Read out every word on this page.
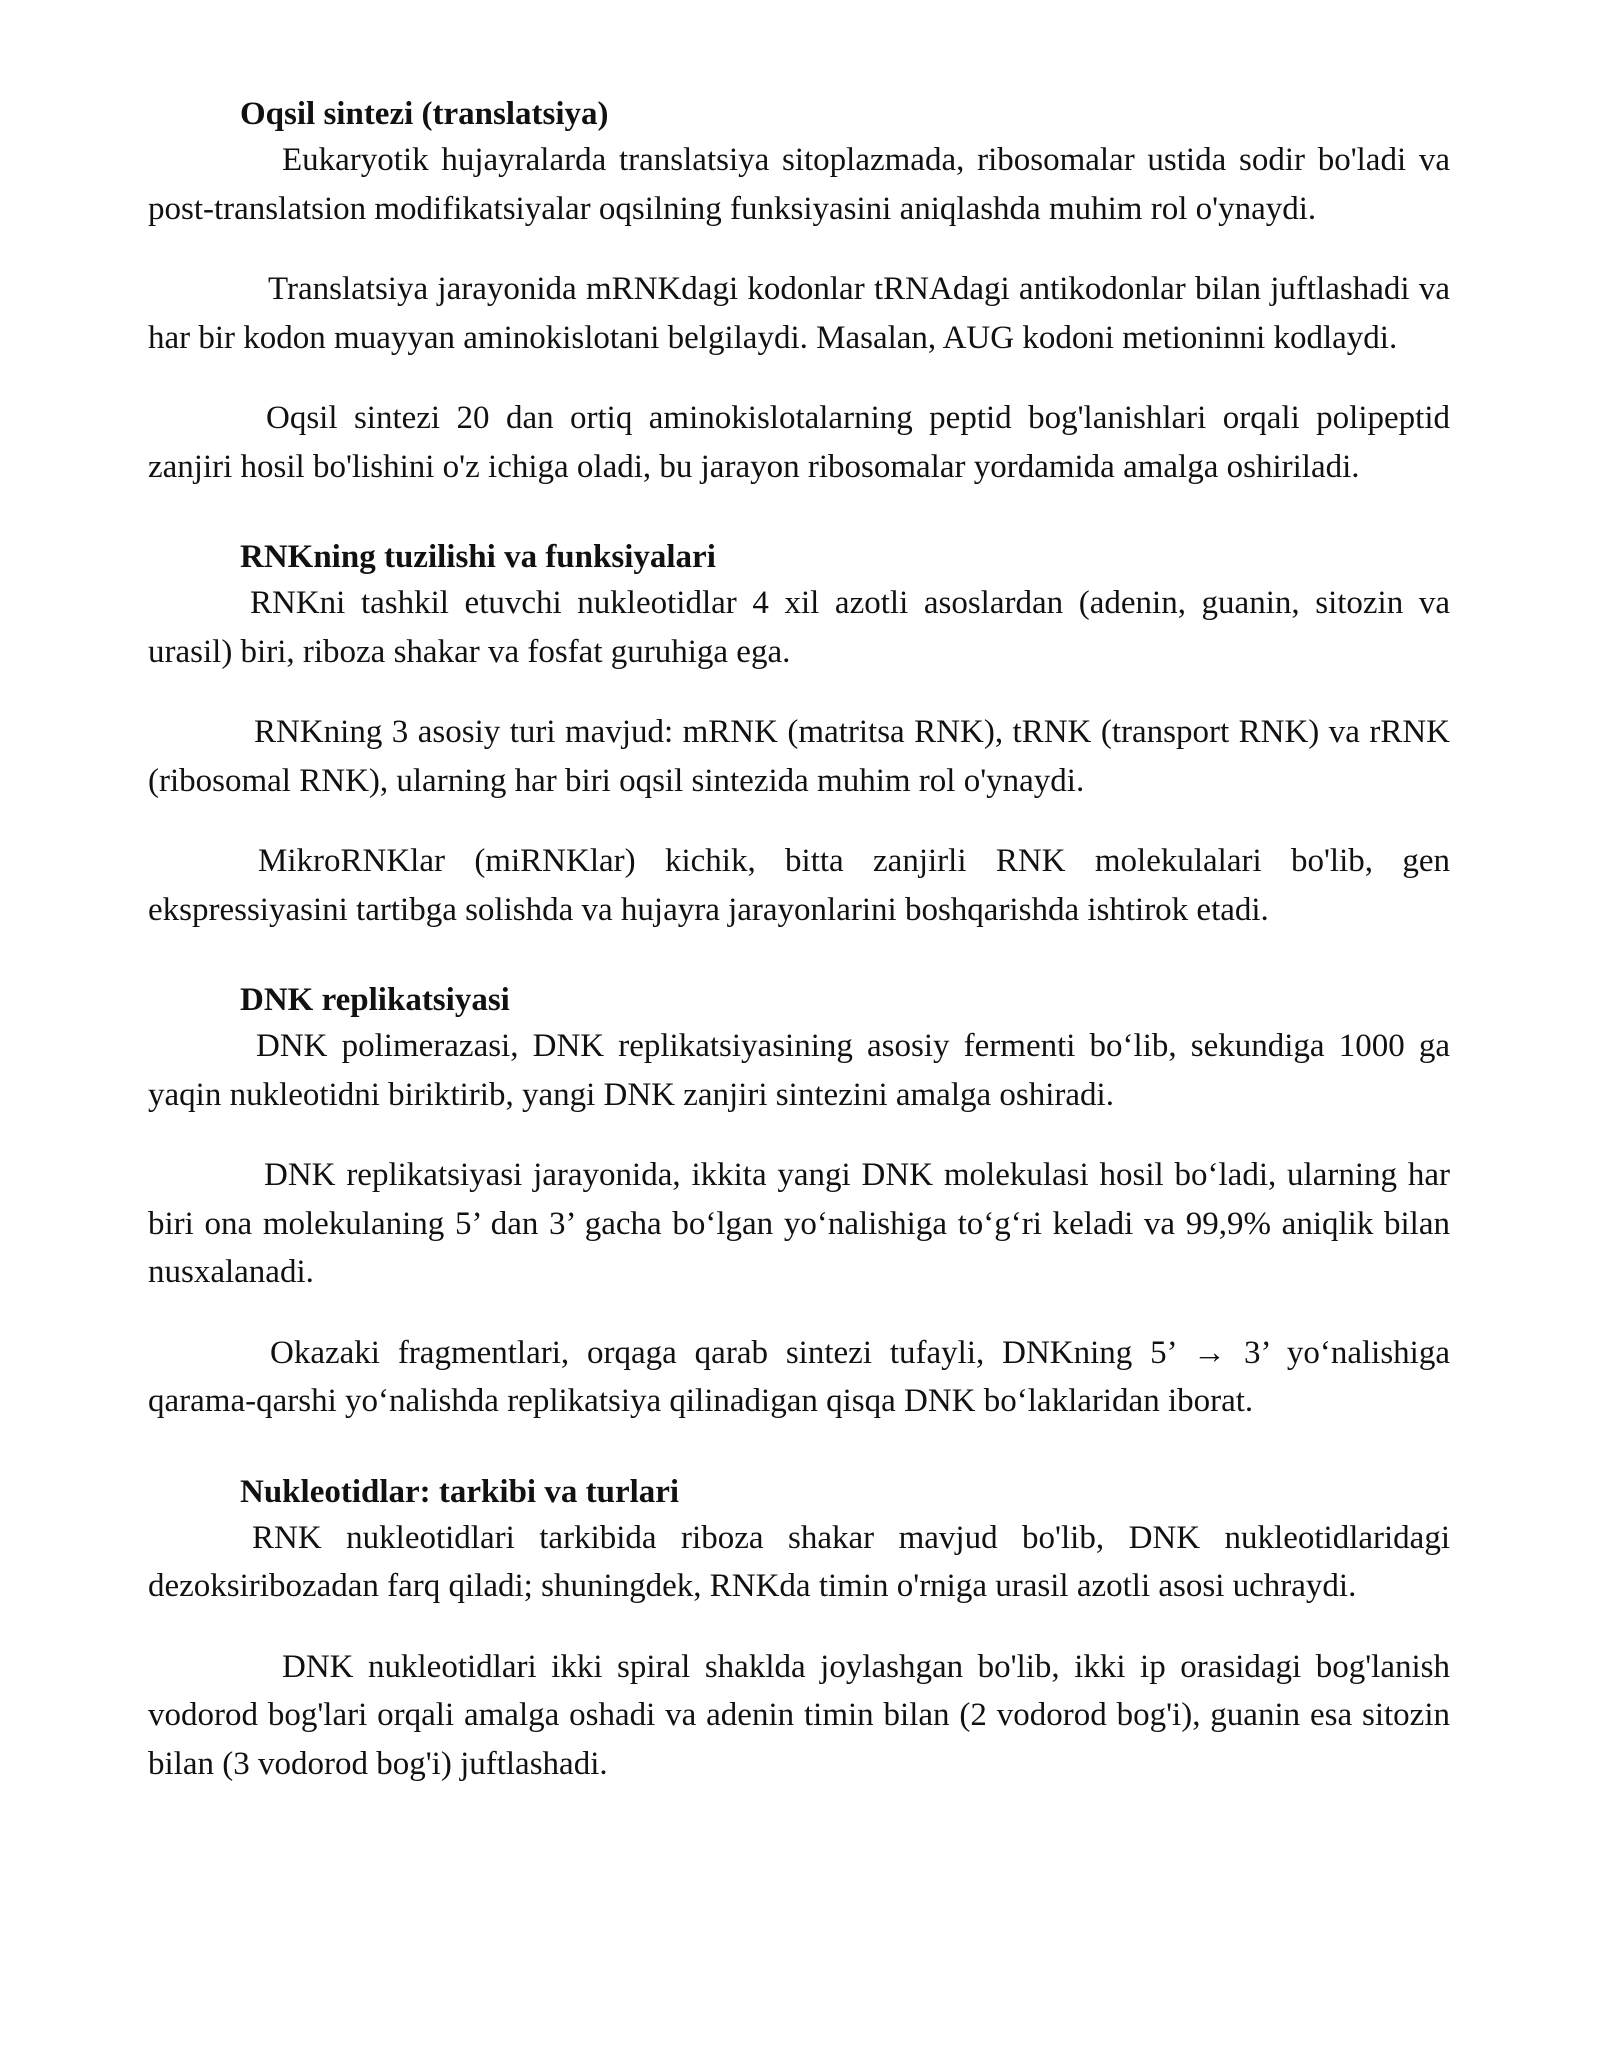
Oqsil sintezi (translatsiya)

Eukaryotik hujayralarda translatsiya sitoplazmada, ribosomalar ustida sodir bo'ladi va post-translatsion modifikatsiyalar oqsilning funksiyasini aniqlashda muhim rol o'ynaydi.

Translatsiya jarayonida mRNKdagi kodonlar tRNAdagi antikodonlar bilan juftlashadi va har bir kodon muayyan aminokislotani belgilaydi. Masalan, AUG kodoni metioninni kodlaydi.

Oqsil sintezi 20 dan ortiq aminokislotalarning peptid bog'lanishlari orqali polipeptid zanjiri hosil bo'lishini o'z ichiga oladi, bu jarayon ribosomalar yordamida amalga oshiriladi.

RNKning tuzilishi va funksiyalari

RNKni tashkil etuvchi nukleotidlar 4 xil azotli asoslardan (adenin, guanin, sitozin va urasil) biri, riboza shakar va fosfat guruhiga ega.

RNKning 3 asosiy turi mavjud: mRNK (matritsa RNK), tRNK (transport RNK) va rRNK (ribosomal RNK), ularning har biri oqsil sintezida muhim rol o'ynaydi.

MikroRNKlar (miRNKlar) kichik, bitta zanjirli RNK molekulalari bo'lib, gen ekspressiyasini tartibga solishda va hujayra jarayonlarini boshqarishda ishtirok etadi.

DNK replikatsiyasi

DNK polimerazasi, DNK replikatsiyasining asosiy fermenti bo‘lib, sekundiga 1000 ga yaqin nukleotidni biriktirib, yangi DNK zanjiri sintezini amalga oshiradi.

DNK replikatsiyasi jarayonida, ikkita yangi DNK molekulasi hosil bo‘ladi, ularning har biri ona molekulaning 5’ dan 3’ gacha bo‘lgan yo‘nalishiga to‘g‘ri keladi va 99,9% aniqlik bilan nusxalanadi.

Okazaki fragmentlari, orqaga qarab sintezi tufayli, DNKning 5’ → 3’ yo‘nalishiga qarama-qarshi yo‘nalishda replikatsiya qilinadigan qisqa DNK bo‘laklaridan iborat.

Nukleotidlar: tarkibi va turlari

RNK nukleotidlari tarkibida riboza shakar mavjud bo'lib, DNK nukleotidlaridagi dezoksiribozadan farq qiladi; shuningdek, RNKda timin o'rniga urasil azotli asosi uchraydi.

DNK nukleotidlari ikki spiral shaklda joylashgan bo'lib, ikki ip orasidagi bog'lanish vodorod bog'lari orqali amalga oshadi va adenin timin bilan (2 vodorod bog'i), guanin esa sitozin bilan (3 vodorod bog'i) juftlashadi.
